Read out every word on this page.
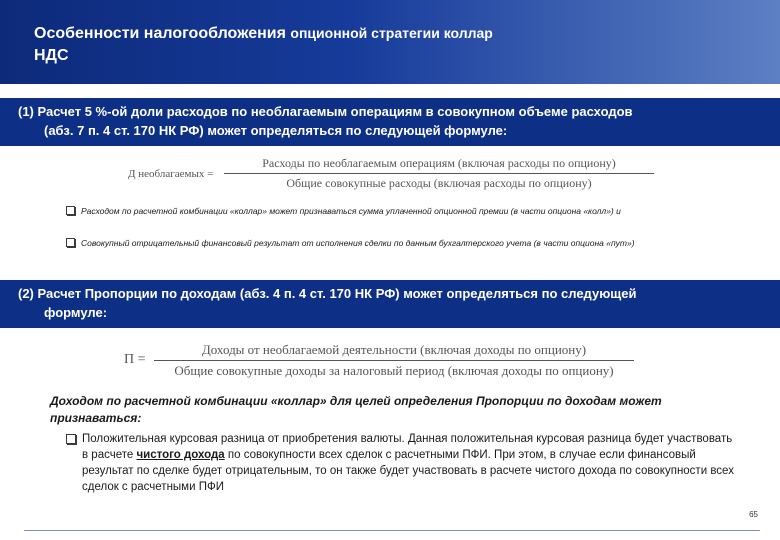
Особенности налогообложения опционной стратегии коллар
НДС
(1) Расчет 5 %-ой доли расходов по необлагаемым операциям в совокупном объеме расходов
(абз. 7 п. 4 ст. 170 НК РФ) может определяться по следующей формуле:
Д необлагаемых =
Расходы по необлагаемым операциям (включая расходы по опциону)
Общие совокупные расходы (включая расходы по опциону)
Расходом по расчетной комбинации «коллар» может признаваться сумма уплаченной опционной премии (в части опциона «колл») и
Совокупный отрицательный финансовый результат от исполнения сделки по данным бухгалтерского учета (в части опциона «пут»)
(2) Расчет Пропорции по доходам (абз. 4 п. 4 ст. 170 НК РФ) может определяться по следующей
формуле:
П =
Доходы от необлагаемой деятельности (включая доходы по опциону)
Общие совокупные доходы за налоговый период (включая доходы по опциону)
Доходом по расчетной комбинации «коллар» для целей определения Пропорции по доходам может признаваться:
Положительная курсовая разница от приобретения валюты. Данная положительная курсовая разница будет участвовать в расчете чистого дохода по совокупности всех сделок с расчетными ПФИ. При этом, в случае если финансовый результат по сделке будет отрицательным, то он также будет участвовать в расчете чистого дохода по совокупности всех сделок с расчетными ПФИ
65
